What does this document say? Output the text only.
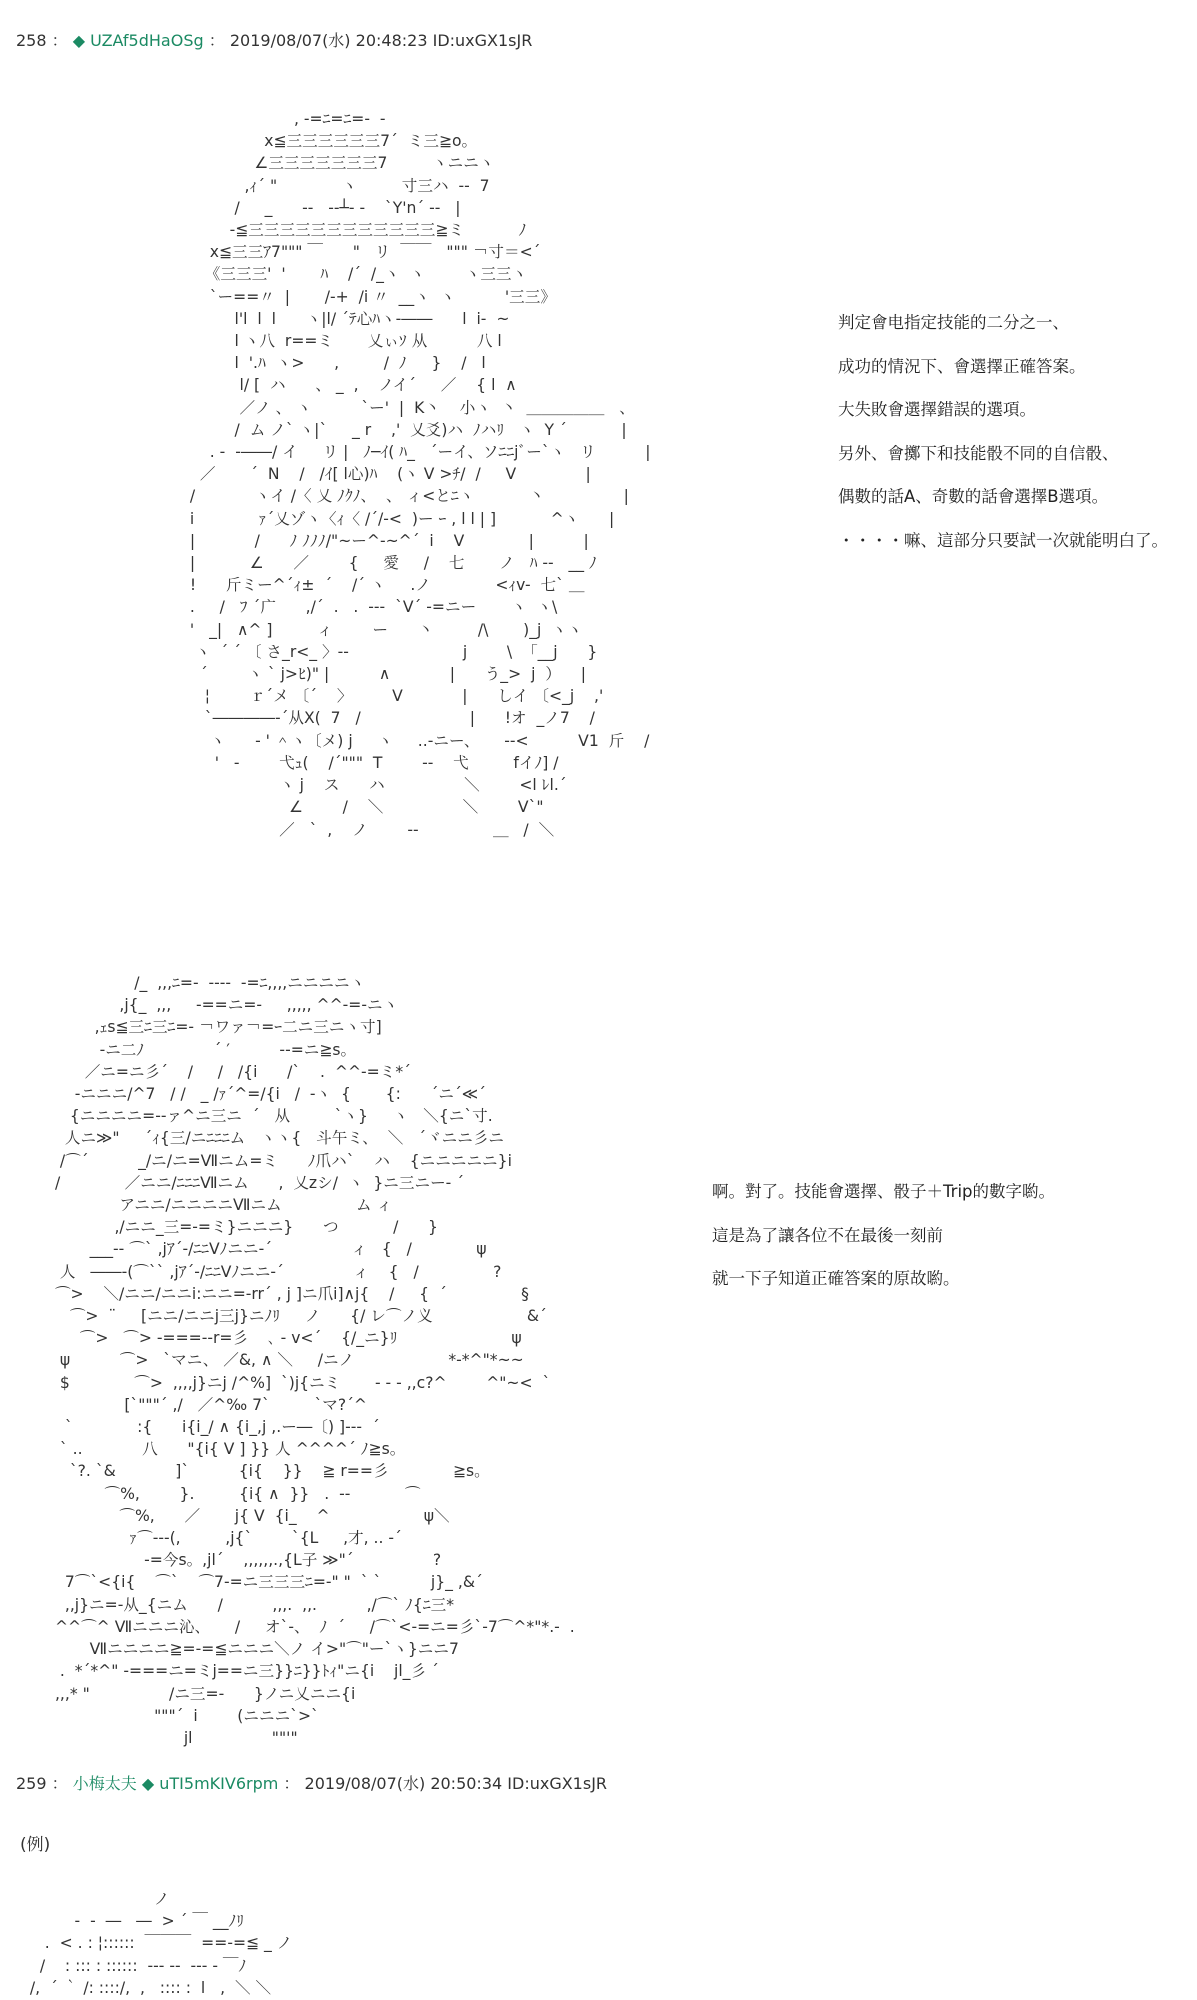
258 ： ◆ UZAf5dHaOSg ： 2019/08/07(水) 20:48:23 ID:uxGX1sJR
, -=ﾆ=ﾆ=-  -
x≦三三三三三三7´  ミ三≧o。
∠三三三三三三三7         ヽニニヽ
,ｨ´ "             ヽ         寸三ハ  -‐  7
/     _      --   -‐┴‐ -    `Y'n´ -‐   |
-≦三三三三三三三三三三三三≧ミ           ﾉ
x≦三三ｱ7""" ￣      "   リ  ￣￣   """ ￢寸＝<´
《三三三'  '       ﾊ    /´  /_ヽ  ヽ        ヽ三三ヽ
`ー==〃  |       /-+  /i 〃  __ヽ  ヽ          '三三》
l'l  l  l      ヽ|l/ ´ﾃ心ﾊヽ‐――      l  i-  ~
l ヽ八  r==ミ       乂ぃｿ 从          八 l
l  '.ﾊ  ヽ>      ,         /  ﾉ     }    /   l
l/ [  ハ      、 _  ,    ノイ´     ／    { l  ∧
／ノ 、 ヽ          `ー'  |  K丶    小ヽ  丶  ＿＿＿＿＿   、
/  ム ノ` ヽ|`     _ r    ,'  乂爻)ハ  ﾉハﾘ   ヽ  Y ´           |
. -  ‐――/ イ     リ |   ﾉ─ｲ( ﾊ_   ´ーイ、ソﾆﾆjﾞー`ヽ   リ          |
／       ´  N    /   /ｲ[ l心)ﾊ    (ヽ V >ﾁ/  /     V              |
/            ヽイ /〈 乂 ﾉｸﾉ、  、 ィ<とﾆヽ           丶                |
i             ｧ´乂ゾヽ〈ｨ〈 /´/‐<  )ー ｰ , l l | ]           ^ヽ      |
|            /      ﾉ ﾉﾉﾉ/"~ー^-~^´  i    V             |          |
|           ∠      ／        {     愛     /    七       ノ   ﾊ ‐‐   __ ﾉ
!      斤ミー^´ｨ±  ´    /´ ヽ     .ノ             <ｨv-  七` ＿
.     /   ﾌ ´广      ,/´  .   .  ---  `V´ -=ニー       ヽ  ヽ\
'   _|   ∧^ ]         ィ        ー      丶         /\       )_j  ヽヽ
ヽ  ´ ´ 〔 さ_r<_ 〉-‐                       j        \  「__j      }
´        ヽ ` j>ﾋ)" |          ∧            |      う_>  j  ）    |
¦        ｒ´メ 〔´    〉        V            |      しイ 〔<_j    ,'
`――――‐´从X(  7   /                      |      !オ  _ノ7    /
ヽ      ‐ ' ＾ヽ〔メ) j     ヽ     ..-ニー、     --<          V1  斤    /
'   -        弋ｭ(    /´"""  T        --    弋         fイﾉ] /
ヽ j    ス      ハ                ＼        <l ﾚl.´
∠        /    ＼                ＼        V`"
／   `  ,    ノ        ‐‐               ＿   /  ＼
判定會电指定技能的二分之一、
成功的情況下、會選擇正確答案。
大失敗會選擇錯誤的選項。
另外、會擲下和技能骰不同的自信骰、
偶數的話A、奇數的話會選擇B選項。
・・・・嘛、這部分只要試一次就能明白了。
/_  ,,,ﾆ=-  -‐‐-  -=ﾆ,,,,ニニニニヽ
,j{_  ,,,     -==ニ=‐     ,,,,, ^^-=-ニヽ
,ｪs≦三ﾆ三ﾆ=- ￢ワァ￢=ｰ二ニ三ニヽ寸]
-ニ二ﾉ              ´ ′          ‐‐=ニ≧s。
／ニ=ニ彡´    /     /   /{i      /`    .  ^^-=ミ*´
-ニニニ/^7   / /   _ /ｧ´^=/{i   /  ‐ヽ  {       {:      ´ニ´≪´
{ニニニニ=-‐ァ^ニ三ニ  ´   从         `ヽ}     ヽ   ＼{ニ`寸.
人ニ≫"     ´ｨ{三/ニﾆﾆﾆム   ヽヽ{   斗午ミ、  ＼   ´ヾニニ彡ニ
/⌒´          _/ニ/ニ=Ⅶニム=ミ      ﾉ爪ハ`    ハ    {ニニニニニ}i
/             ／ニニ/ﾆﾆﾆⅦニム      ,  乂zシ/  ヽ  }ニ三ニー‐ ´
アニニ/ニニニニⅦニム               ム ィ
,/ニニ_三=-=ミ}ニニニ}      つ           /      }
___‐‐ ⌒` ,jｱ´-/ﾆﾆVﾉニニ‐´                ィ   {   /             ψ
人   ――-(⌒`` ,jｱ´-/ﾆﾆVﾉニニ‐´              ィ    {   /               ?
⌒>    ＼/ニニ/ニニi:ニニ=-rr´ , j ]ニ爪i]∧j{    /     {  ´               §
⌒>  ¨     [ニニ/ニニj三j}ニﾉﾘ     ノ      {/ レ⌒ノ义                   &´
⌒>   ⌒> ‐===-‐r=彡    ､ - v<´    {/_ニ}ﾘ                       ψ
ψ          ⌒>   `マニ、 ／&, ∧ ＼     /ニノ                   *‐*^"*~~
$             ⌒>  ,,,,j}ニj /^%]  `)j{ニミ       ‐ - ‐ ,,c?^        ^"~<  `
[`"""´ ,/   ／^‰ 7`         `マ?´^
`             :{      i{i_/ ∧ {i_,j ,.ー―〔) ]‐‐‐  ´
` ..            八      "{i{ V ] }} 人 ^^^^´ ﾉ≧s。
`?. `&            ]`          {i{    }}    ≧ r==彡             ≧s。
⌒%,        }.         {i{ ∧  }}   .  -‐           ⌒
⌒%,      ／       j{ V  {i_    ^                   ψ＼
ｧ⌒‐--(,         ,j{`        `{L     ,才, .. -´
-=今s。,jl´    ,,,,,,.,{L子 ≫"´                ?
7⌒`<{i{    ⌒`    ⌒7-=ニ三三三ﾆ=-" "  ` `          j}_ ,&´
,,j}ニ=‐从_{ニム      /          ,,,.  ,,.          ,/⌒` ﾉ{ﾆ三*
^^⌒^ Ⅶニニニ沁、     /     オ`‐、  ﾉ  ´     /⌒`<-=ニ=彡`‐7⌒^*"*.-  .
Ⅶニニニニ≧=-=≦ニニニ＼ノ イ>"⌒"ー`ヽ}ニニ7
.  *´*^" ‐===ニ=ミj==ニ三}}ﾆ}}ﾄｨ"ニ{i    jl_彡 ´
,,,* "                /ニ三=-      }ノニ乂ニニ{i
"""´  i        (ニニニ`>`
jl                ""'"
啊。對了。技能會選擇、骰子＋Trip的數字喲。
這是為了讓各位不在最後一刻前
就一下子知道正確答案的原故喲。
259 ： 小梅太夫 ◆ uTI5mKIV6rpm ： 2019/08/07(水) 20:50:34 ID:uxGX1sJR
(例)
ノ
-  -  ―   ―  > ´ ￣ __ﾉﾘ
.  < . : ¦::::::  ￣￣￣  ==-=≦ _ ノ
/    : ::: : ::::::  ‐‐‐ ‐‐  ‐-‐ ‐ ￣ﾉ
/,  ´ ｀ /: ::::/,  ,   :::: :  l   ,  ＼ ＼
